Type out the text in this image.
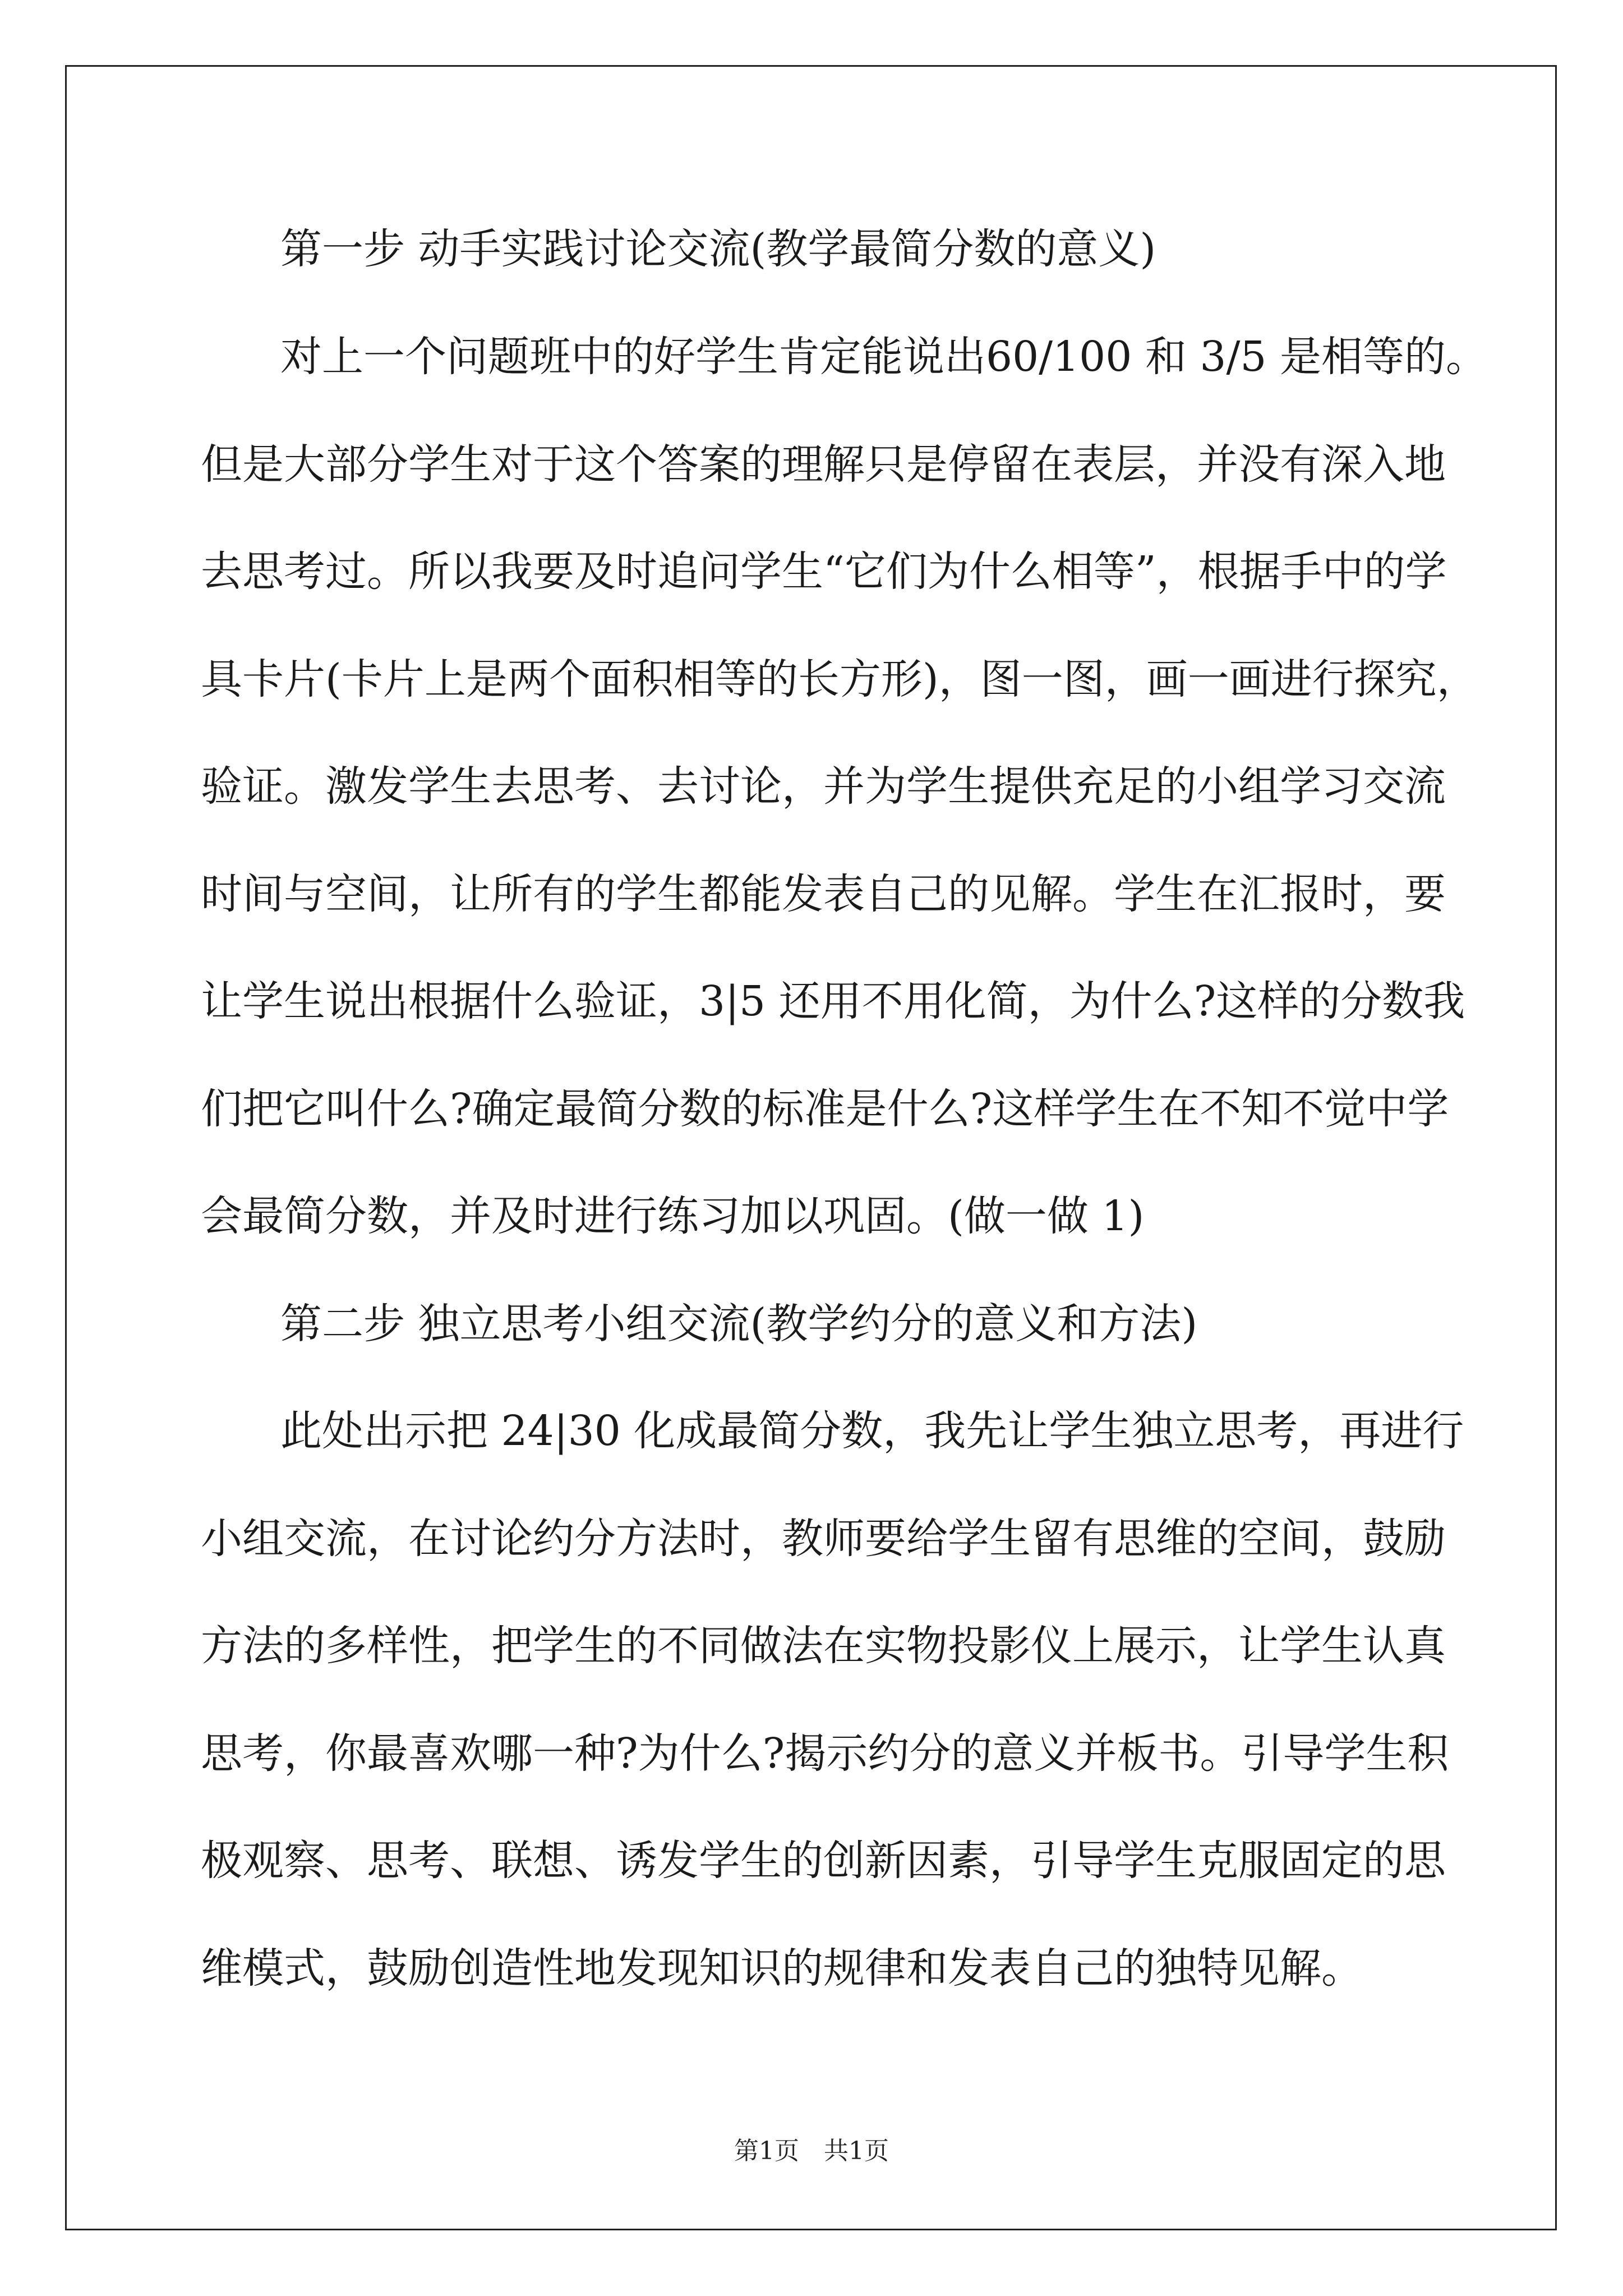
第一步 动手实践讨论交流(教学最简分数的意义)
对上一个问题班中的好学生肯定能说出60/100 和 3/5 是相等的。
但是大部分学生对于这个答案的理解只是停留在表层，并没有深入地
去思考过。所以我要及时追问学生“它们为什么相等”，根据手中的学
具卡片(卡片上是两个面积相等的长方形)，图一图，画一画进行探究，
验证。激发学生去思考、去讨论，并为学生提供充足的小组学习交流
时间与空间，让所有的学生都能发表自己的见解。学生在汇报时，要
让学生说出根据什么验证，3|5 还用不用化简，为什么?这样的分数我
们把它叫什么?确定最简分数的标准是什么?这样学生在不知不觉中学
会最简分数，并及时进行练习加以巩固。(做一做 1)
第二步 独立思考小组交流(教学约分的意义和方法)
此处出示把 24|30 化成最简分数，我先让学生独立思考，再进行
小组交流，在讨论约分方法时，教师要给学生留有思维的空间，鼓励
方法的多样性，把学生的不同做法在实物投影仪上展示，让学生认真
思考，你最喜欢哪一种?为什么?揭示约分的意义并板书。引导学生积
极观察、思考、联想、诱发学生的创新因素，引导学生克服固定的思
维模式，鼓励创造性地发现知识的规律和发表自己的独特见解。
第1页　共1页
